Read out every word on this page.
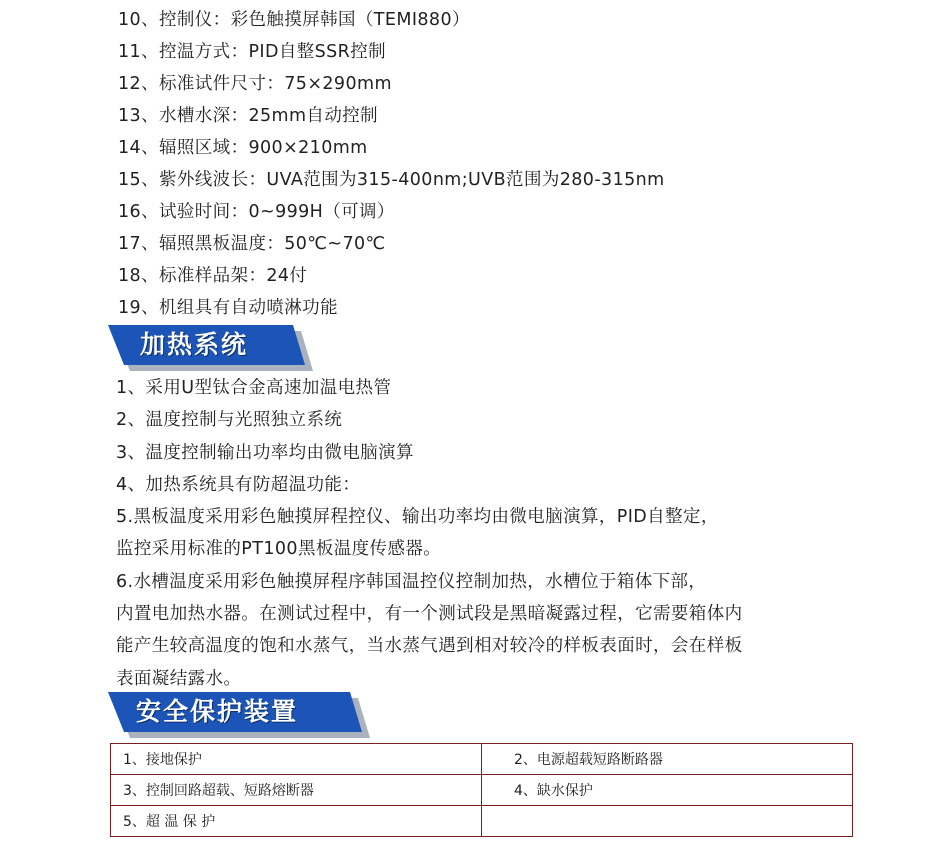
10、控制仪：彩色触摸屏韩国（TEMI880）
11、控温方式：PID自整SSR控制
12、标准试件尺寸：75×290mm
13、水槽水深：25mm自动控制
14、辐照区域：900×210mm
15、紫外线波长：UVA范围为315-400nm;UVB范围为280-315nm
16、试验时间：0~999H（可调）
17、辐照黑板温度：50℃~70℃
18、标准样品架：24付
19、机组具有自动喷淋功能
加热系统
1、采用U型钛合金高速加温电热管
2、温度控制与光照独立系统
3、温度控制输出功率均由微电脑演算
4、加热系统具有防超温功能：
5.黑板温度采用彩色触摸屏程控仪、输出功率均由微电脑演算，PID自整定，
监控采用标准的PT100黑板温度传感器。
6.水槽温度采用彩色触摸屏程序韩国温控仪控制加热，水槽位于箱体下部，
内置电加热水器。在测试过程中，有一个测试段是黑暗凝露过程，它需要箱体内
能产生较高温度的饱和水蒸气，当水蒸气遇到相对较冷的样板表面时，会在样板
表面凝结露水。
安全保护装置
1、接地保护	2、电源超载短路断路器
3、控制回路超载、短路熔断器	4、缺水保护
5、超 温 保 护	
